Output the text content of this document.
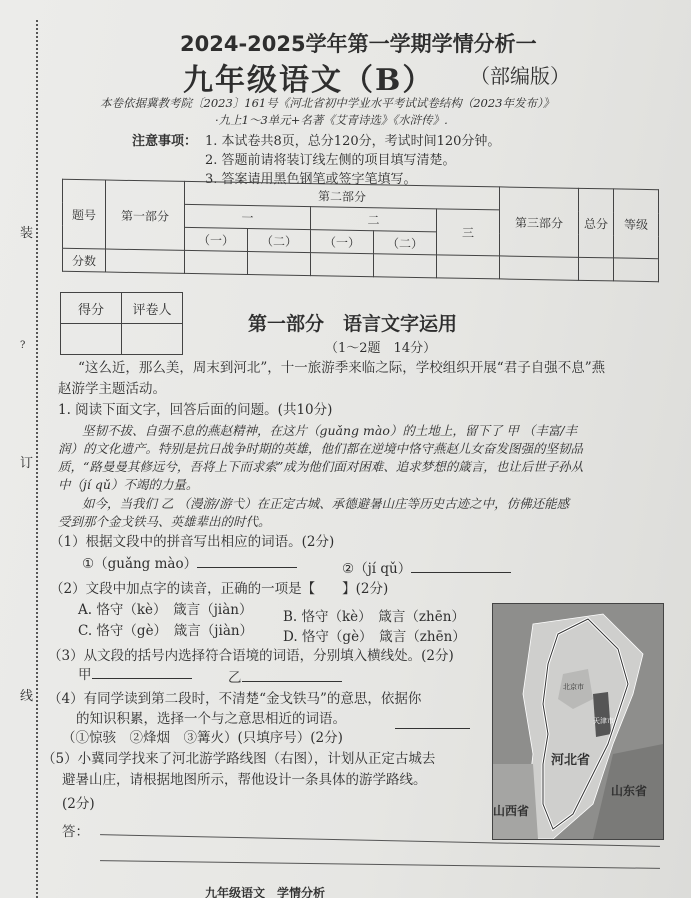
装
?
订
线
2024-2025学年第一学期学情分析一
九年级语文（B） （部编版）
本卷依据冀教考院〔2023〕161号《河北省初中学业水平考试试卷结构（2023年发布）》
·九上1～3单元+名著《艾青诗选》《水浒传》.
注意事项： 1. 本试卷共8页，总分120分，考试时间120分钟。
2. 答题前请将装订线左侧的项目填写清楚。
3. 答案请用黑色钢笔或签字笔填写。
题号	第一部分	第二部分					第三部分	总分	等级
		一		二		三			
		（一）	（二）	（一）	（二）				
分数									
得分	评卷人

第一部分　语言文字运用
（1～2题　14分）
“这么近，那么美，周末到河北”，十一旅游季来临之际，学校组织开展“君子自强不息”燕
赵游学主题活动。
1. 阅读下面文字，回答后面的问题。(共10分)
坚韧不拔、自强不息的燕赵精神，在这片（guǎng mào）的土地上，留下了 甲 （丰富/丰
润）的文化遗产。特别是抗日战争时期的英雄，他们都在逆境中恪守燕赵儿女奋发图强的坚韧品
质，“路曼曼其修远兮，吾将上下而求索”成为他们面对困难、追求梦想的箴言，也让后世子孙从
中（jí qǔ）不竭的力量。
如今，当我们 乙 （漫游/游弋）在正定古城、承德避暑山庄等历史古迹之中，仿佛还能感
受到那个金戈铁马、英雄辈出的时代。
（1）根据文段中的拼音写出相应的词语。(2分)
①（guǎng mào）	②（jí qǔ）
（2）文段中加点字的读音，正确的一项是【　　】(2分)
A. 恪守（kè）　箴言（jiàn） B. 恪守（kè）　箴言（zhēn）
C. 恪守（gè）　箴言（jiàn） D. 恪守（gè）　箴言（zhēn）
（3）从文段的括号内选择符合语境的词语，分别填入横线处。(2分)
甲	乙
（4）有同学读到第二段时，不清楚“金戈铁马”的意思，依据你
的知识积累，选择一个与之意思相近的词语。
（①惊骇　②烽烟　③篝火）(只填序号）(2分)
（5）小冀同学找来了河北游学路线图（右图），计划从正定古城去
避暑山庄，请根据地图所示，帮他设计一条具体的游学路线。
(2分)
答：
北京市
天津市
河北省
山东省
山西省
九年级语文　学情分析
